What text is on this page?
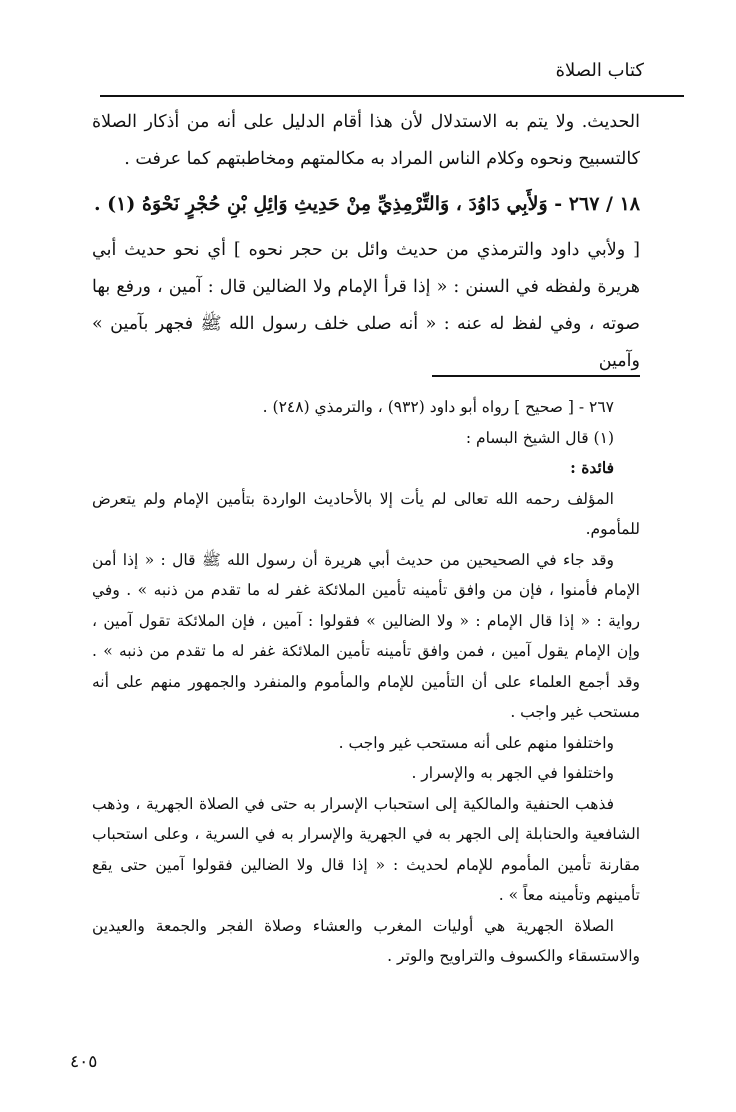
كتاب الصلاة

الحديث. ولا يتم به الاستدلال لأن هذا أقام الدليل على أنه من أذكار الصلاة كالتسبيح ونحوه وكلام الناس المراد به مكالمتهم ومخاطبتهم كما عرفت .

١٨ / ٢٦٧ - وَلأَبِي دَاوُدَ ، وَالتِّرْمِذِيِّ مِنْ حَدِيثِ وَائِلِ بْنِ حُجْرٍ نَحْوَهُ (١) .

[ ولأبي داود والترمذي من حديث وائل بن حجر نحوه ] أي نحو حديث أبي هريرة ولفظه في السنن : « إذا قرأ الإمام ولا الضالين قال : آمين ، ورفع بها صوته ، وفي لفظ له عنه : « أنه صلى خلف رسول الله ﷺ فجهر بآمين » وآمين

٢٦٧ - [ صحيح ] رواه أبو داود (٩٣٢) ، والترمذي (٢٤٨) .

(١) قال الشيخ البسام :

فائدة :

المؤلف رحمه الله تعالى لم يأت إلا بالأحاديث الواردة بتأمين الإمام ولم يتعرض للمأموم.

وقد جاء في الصحيحين من حديث أبي هريرة أن رسول الله ﷺ قال : « إذا أمن الإمام فأمنوا ، فإن من وافق تأمينه تأمين الملائكة غفر له ما تقدم من ذنبه » . وفي رواية : « إذا قال الإمام : « ولا الضالين » فقولوا : آمين ، فإن الملائكة تقول آمين ، وإن الإمام يقول آمين ، فمن وافق تأمينه تأمين الملائكة غفر له ما تقدم من ذنبه » . وقد أجمع العلماء على أن التأمين للإمام والمأموم والمنفرد والجمهور منهم على أنه مستحب غير واجب .

واختلفوا منهم على أنه مستحب غير واجب .

واختلفوا في الجهر به والإسرار .

فذهب الحنفية والمالكية إلى استحباب الإسرار به حتى في الصلاة الجهرية ، وذهب الشافعية والحنابلة إلى الجهر به في الجهرية والإسرار به في السرية ، وعلى استحباب مقارنة تأمين المأموم للإمام لحديث : « إذا قال ولا الضالين فقولوا آمين حتى يقع تأمينهم وتأمينه معاً » .

الصلاة الجهرية هي أوليات المغرب والعشاء وصلاة الفجر والجمعة والعيدين والاستسقاء والكسوف والتراويح والوتر .

٤٠٥
